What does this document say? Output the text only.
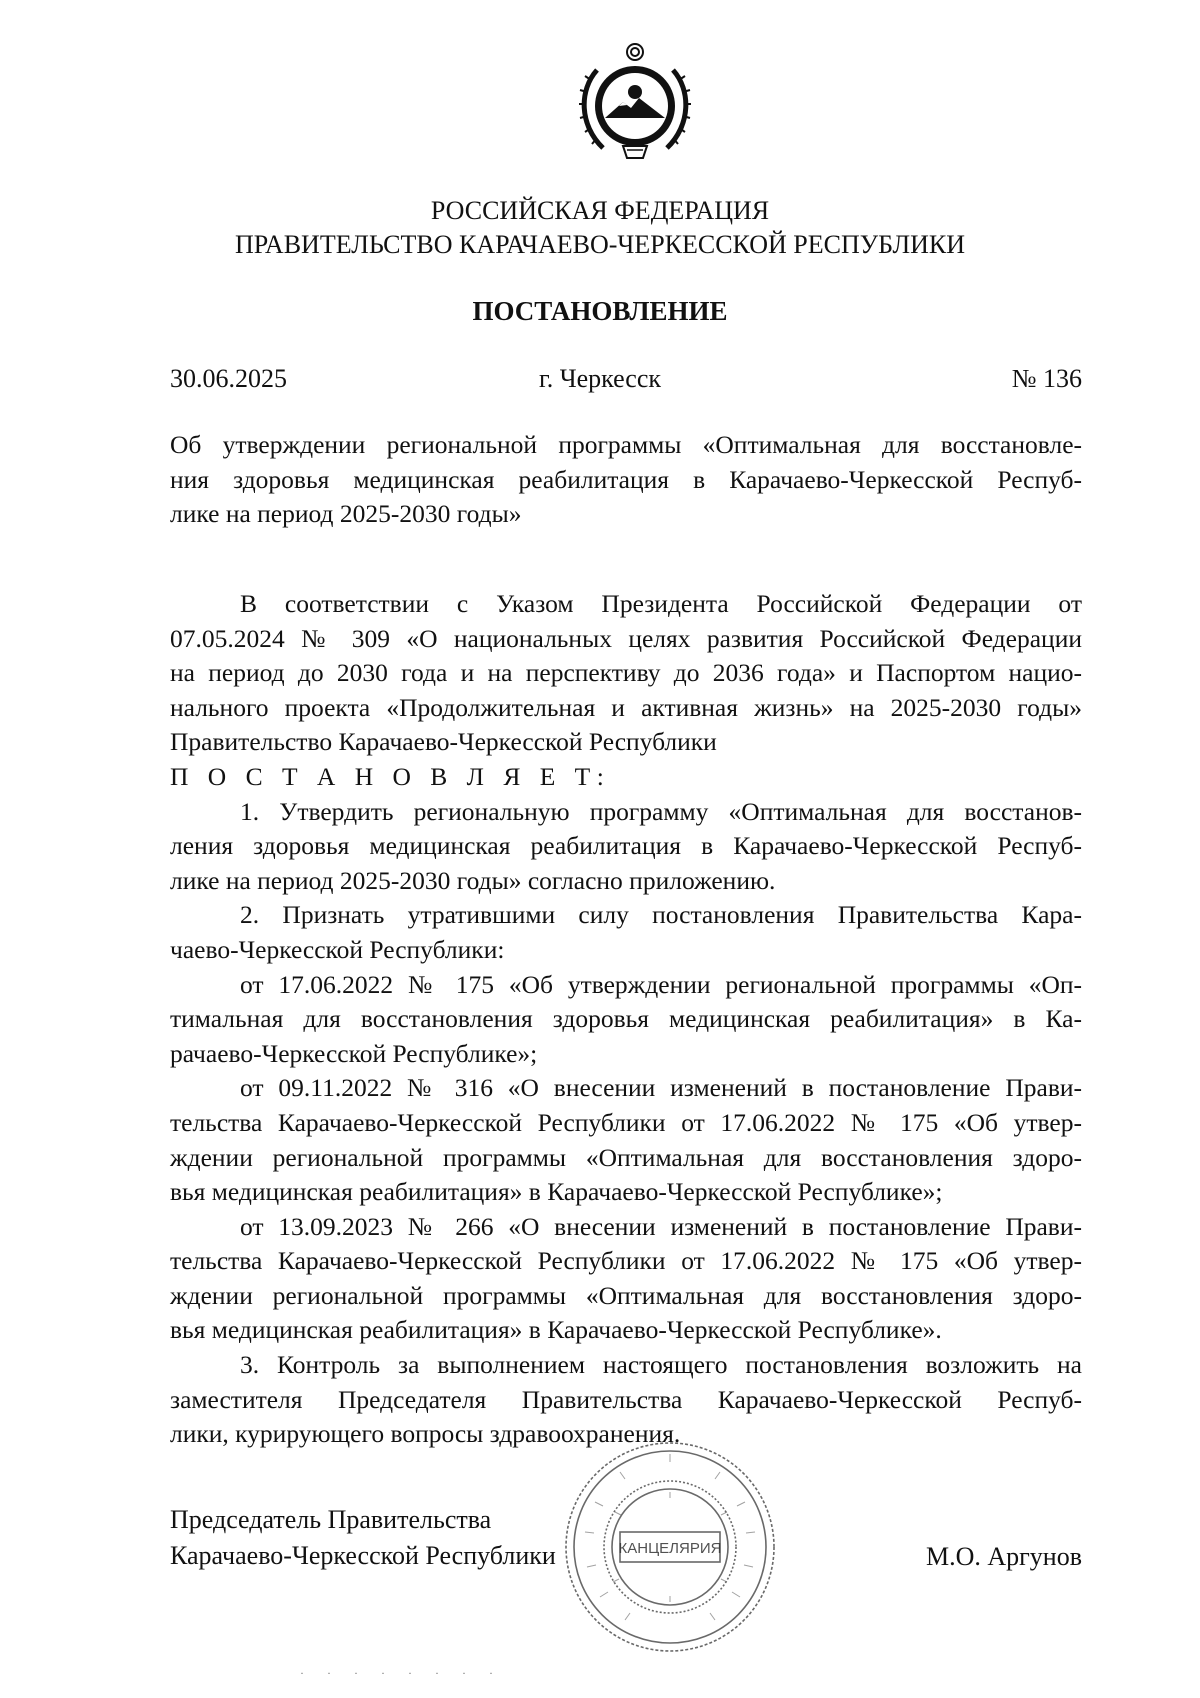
РОССИЙСКАЯ ФЕДЕРАЦИЯ
ПРАВИТЕЛЬСТВО КАРАЧАЕВО-ЧЕРКЕССКОЙ РЕСПУБЛИКИ
ПОСТАНОВЛЕНИЕ
30.06.2025	г. Черкесск	№ 136
Об утверждении региональной программы «Оптимальная для восстановле-
ния здоровья медицинская реабилитация в Карачаево-Черкесской Респуб-
лике на период 2025-2030 годы»
В соответствии с Указом Президента Российской Федерации от
07.05.2024 № 309 «О национальных целях развития Российской Федерации
на период до 2030 года и на перспективу до 2036 года» и Паспортом нацио-
нального проекта «Продолжительная и активная жизнь» на 2025-2030 годы»
Правительство Карачаево-Черкесской Республики
П О С Т А Н О В Л Я Е Т:
1. Утвердить региональную программу «Оптимальная для восстанов-
ления здоровья медицинская реабилитация в Карачаево-Черкесской Респуб-
лике на период 2025-2030 годы» согласно приложению.
2. Признать утратившими силу постановления Правительства Кара-
чаево-Черкесской Республики:
от 17.06.2022 № 175 «Об утверждении региональной программы «Оп-
тимальная для восстановления здоровья медицинская реабилитация» в Ка-
рачаево-Черкесской Республике»;
от 09.11.2022 № 316 «О внесении изменений в постановление Прави-
тельства Карачаево-Черкесской Республики от 17.06.2022 № 175 «Об утвер-
ждении региональной программы «Оптимальная для восстановления здоро-
вья медицинская реабилитация» в Карачаево-Черкесской Республике»;
от 13.09.2023 № 266 «О внесении изменений в постановление Прави-
тельства Карачаево-Черкесской Республики от 17.06.2022 № 175 «Об утвер-
ждении региональной программы «Оптимальная для восстановления здоро-
вья медицинская реабилитация» в Карачаево-Черкесской Республике».
3. Контроль за выполнением настоящего постановления возложить на
заместителя Председателя Правительства Карачаево-Черкесской Респуб-
лики, курирующего вопросы здравоохранения.
КАНЦЕЛЯРИЯ
Председатель Правительства
Карачаево-Черкесской Республики	М.О. Аргунов
· · · · · · · ·
